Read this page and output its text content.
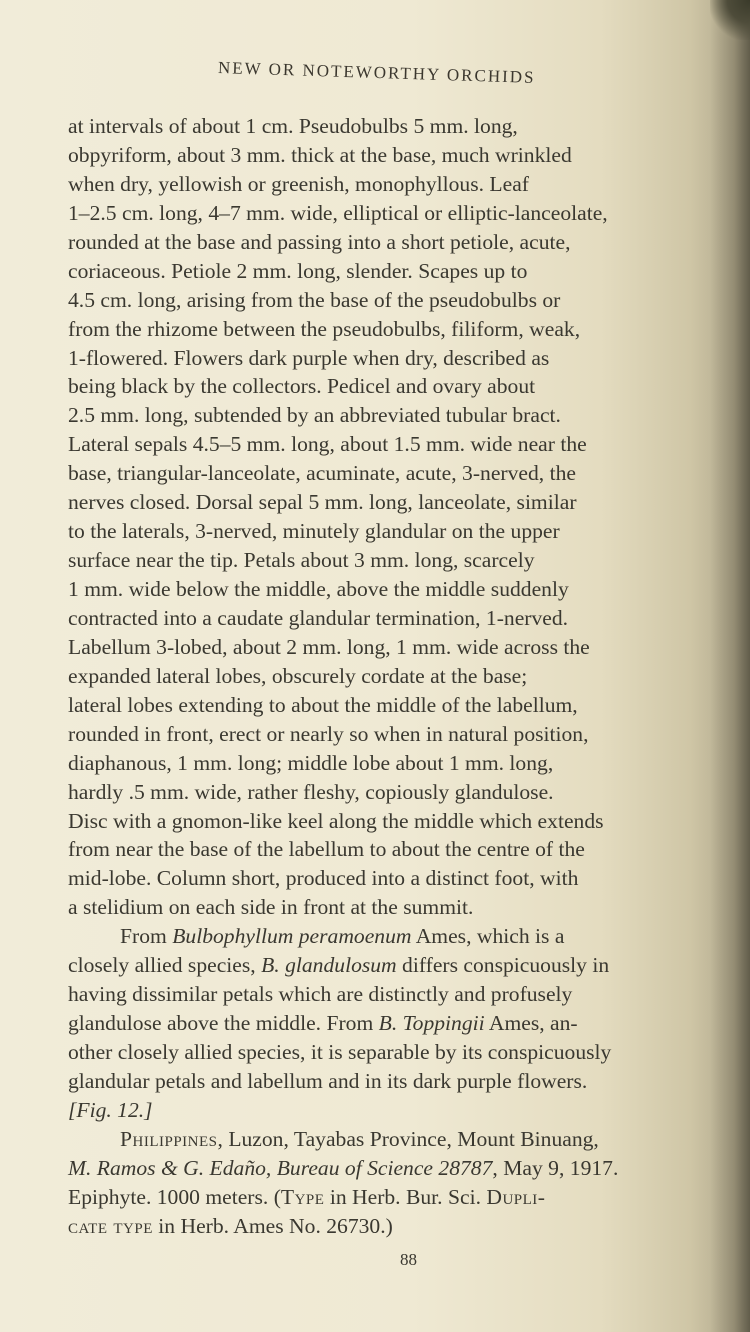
NEW OR NOTEWORTHY ORCHIDS
at intervals of about 1 cm. Pseudobulbs 5 mm. long,
obpyriform, about 3 mm. thick at the base, much wrinkled
when dry, yellowish or greenish, monophyllous. Leaf
1–2.5 cm. long, 4–7 mm. wide, elliptical or elliptic-lanceolate,
rounded at the base and passing into a short petiole, acute,
coriaceous. Petiole 2 mm. long, slender. Scapes up to
4.5 cm. long, arising from the base of the pseudobulbs or
from the rhizome between the pseudobulbs, filiform, weak,
1-flowered. Flowers dark purple when dry, described as
being black by the collectors. Pedicel and ovary about
2.5 mm. long, subtended by an abbreviated tubular bract.
Lateral sepals 4.5–5 mm. long, about 1.5 mm. wide near the
base, triangular-lanceolate, acuminate, acute, 3-nerved, the
nerves closed. Dorsal sepal 5 mm. long, lanceolate, similar
to the laterals, 3-nerved, minutely glandular on the upper
surface near the tip. Petals about 3 mm. long, scarcely
1 mm. wide below the middle, above the middle suddenly
contracted into a caudate glandular termination, 1-nerved.
Labellum 3-lobed, about 2 mm. long, 1 mm. wide across the
expanded lateral lobes, obscurely cordate at the base;
lateral lobes extending to about the middle of the labellum,
rounded in front, erect or nearly so when in natural position,
diaphanous, 1 mm. long; middle lobe about 1 mm. long,
hardly .5 mm. wide, rather fleshy, copiously glandulose.
Disc with a gnomon-like keel along the middle which extends
from near the base of the labellum to about the centre of the
mid-lobe. Column short, produced into a distinct foot, with
a stelidium on each side in front at the summit.
From Bulbophyllum peramoenum Ames, which is a
closely allied species, B. glandulosum differs conspicuously in
having dissimilar petals which are distinctly and profusely
glandulose above the middle. From B. Toppingii Ames, an-
other closely allied species, it is separable by its conspicuously
glandular petals and labellum and in its dark purple flowers.
[Fig. 12.]
Philippines, Luzon, Tayabas Province, Mount Binuang,
M. Ramos & G. Edaño, Bureau of Science 28787, May 9, 1917.
Epiphyte. 1000 meters. (Type in Herb. Bur. Sci. Dupli-
cate type in Herb. Ames No. 26730.)
88
